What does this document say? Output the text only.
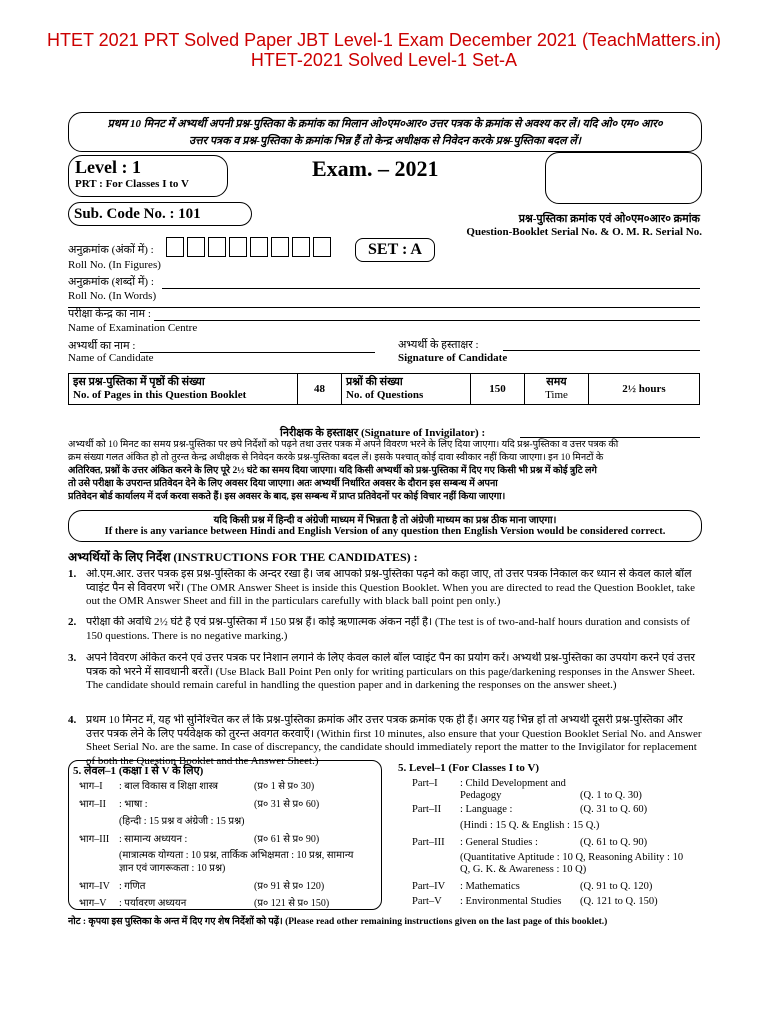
HTET 2021 PRT Solved Paper JBT Level-1 Exam December 2021 (TeachMatters.in)
HTET-2021 Solved Level-1 Set-A
प्रथम 10 मिनट में अभ्यर्थी अपनी प्रश्न-पुस्तिका के क्रमांक का मिलान ओ०एम०आर० उत्तर पत्रक के क्रमांक से अवश्य कर लें। यदि ओ० एम० आर०
उत्तर पत्रक व प्रश्न-पुस्तिका के क्रमांक भिन्न हैं तो केन्द्र अधीक्षक से निवेदन करके प्रश्न-पुस्तिका बदल लें।
Level : 1
PRT : For Classes I to V
Exam. – 2021
Sub. Code No. : 101	प्रश्न-पुस्तिका क्रमांक एवं ओ०एम०आर० क्रमांक
Question-Booklet Serial No. & O. M. R. Serial No.
अनुक्रमांक (अंकों में) :
Roll No. (In Figures)
SET : A
अनुक्रमांक (शब्दों में) :
Roll No. (In Words)
परीक्षा केन्द्र का नाम :
Name of Examination Centre
अभ्यर्थी का नाम :
Name of Candidate
अभ्यर्थी के हस्ताक्षर :
Signature of Candidate
इस प्रश्न-पुस्तिका में पृष्ठों की संख्या
No. of Pages in this Question Booklet
	48	
प्रश्नों की संख्या
No. of Questions
	150	
समय
Time
	2½ hours
निरीक्षक के हस्ताक्षर (Signature of Invigilator) :
अभ्यर्थी को 10 मिनट का समय प्रश्न-पुस्तिका पर छपे निर्देशों को पढ़ने तथा उत्तर पत्रक में अपने विवरण भरने के लिए दिया जाएगा। यदि प्रश्न-पुस्तिका व उत्तर पत्रक की
क्रम संख्या गलत अंकित हो तो तुरन्त केन्द्र अधीक्षक से निवेदन करके प्रश्न-पुस्तिका बदल लें। इसके पश्चात् कोई दावा स्वीकार नहीं किया जाएगा। इन 10 मिनटों के
अतिरिक्त, प्रश्नों के उत्तर अंकित करने के लिए पूरे 2½ घंटे का समय दिया जाएगा। यदि किसी अभ्यर्थी को प्रश्न-पुस्तिका में दिए गए किसी भी प्रश्न में कोई त्रुटि लगे
तो उसे परीक्षा के उपरान्त प्रतिवेदन देने के लिए अवसर दिया जाएगा। अतः अभ्यर्थी निर्धारित अवसर के दौरान इस सम्बन्ध में अपना
प्रतिवेदन बोर्ड कार्यालय में दर्ज करवा सकते हैं। इस अवसर के बाद, इस सम्बन्ध में प्राप्त प्रतिवेदनों पर कोई विचार नहीं किया जाएगा।
यदि किसी प्रश्न में हिन्दी व अंग्रेजी माध्यम में भिन्नता है तो अंग्रेजी माध्यम का प्रश्न ठीक माना जाएगा।
If there is any variance between Hindi and English Version of any question then English Version would be considered correct.
अभ्यर्थियों के लिए निर्देश (INSTRUCTIONS FOR THE CANDIDATES) :
1. ओ.एम.आर. उत्तर पत्रक इस प्रश्न-पुस्तिका के अन्दर रखा है। जब आपको प्रश्न-पुस्तिका पढ़ने को कहा जाए, तो उत्तर पत्रक निकाल कर ध्यान से केवल काले बॉल प्वाइंट पैन से विवरण भरें। (The OMR Answer Sheet is inside this Question Booklet. When you are directed to read the Question Booklet, take out the OMR Answer Sheet and fill in the particulars carefully with black ball point pen only.)

2. परीक्षा की अवधि 2½ घंटे है एवं प्रश्न-पुस्तिका में 150 प्रश्न हैं। कोई ऋणात्मक अंकन नहीं है। (The test is of two-and-half hours duration and consists of 150 questions. There is no negative marking.)

3. अपने विवरण अंकित करने एवं उत्तर पत्रक पर निशान लगाने के लिए केवल काले बॉल प्वाइंट पैन का प्रयोग करें। अभ्यर्थी प्रश्न-पुस्तिका का उपयोग करने एवं उत्तर पत्रक को भरने में सावधानी बरतें। (Use Black Ball Point Pen only for writing particulars on this page/darkening responses in the Answer Sheet. The candidate should remain careful in handling the question paper and in darkening the responses on the answer sheet.)

4. प्रथम 10 मिनट में, यह भी सुनिश्चित कर लें कि प्रश्न-पुस्तिका क्रमांक और उत्तर पत्रक क्रमांक एक ही हैं। अगर यह भिन्न हों तो अभ्यर्थी दूसरी प्रश्न-पुस्तिका और उत्तर पत्रक लेने के लिए पर्यवेक्षक को तुरन्त अवगत करवाएँ। (Within first 10 minutes, also ensure that your Question Booklet Serial No. and Answer Sheet Serial No. are the same. In case of discrepancy, the candidate should immediately report the matter to the Invigilator for replacement of both the Question Booklet and the Answer Sheet.)

5. लेवल–1 (कक्षा I से V के लिए)
भाग–I	: बाल विकास व शिक्षा शास्त्र	(प्र० 1 से प्र० 30)
भाग–II	: भाषा :	(प्र० 31 से प्र० 60)
(हिन्दी : 15 प्रश्न व अंग्रेजी : 15 प्रश्न)
भाग–III : सामान्य अध्ययन :	(प्र० 61 से प्र० 90)
(मात्रात्मक योग्यता : 10 प्रश्न, तार्किक अभिक्षमता : 10 प्रश्न, सामान्य ज्ञान एवं जागरूकता : 10 प्रश्न)
भाग–IV : गणित	(प्र० 91 से प्र० 120)
भाग–V	: पर्यावरण अध्ययन	(प्र० 121 से प्र० 150)
5. Level–1 (For Classes I to V)
Part–I	: Child Development and Pedagogy	(Q. 1 to Q. 30)
Part–II	: Language :	(Q. 31 to Q. 60)
(Hindi : 15 Q. & English : 15 Q.)
Part–III	: General Studies :	(Q. 61 to Q. 90)
(Quantitative Aptitude : 10 Q, Reasoning Ability : 10 Q, G. K. & Awareness : 10 Q)
Part–IV	: Mathematics	(Q. 91 to Q. 120)
Part–V	: Environmental Studies	(Q. 121 to Q. 150)
नोट : कृपया इस पुस्तिका के अन्त में दिए गए शेष निर्देशों को पढ़ें। (Please read other remaining instructions given on the last page of this booklet.)
